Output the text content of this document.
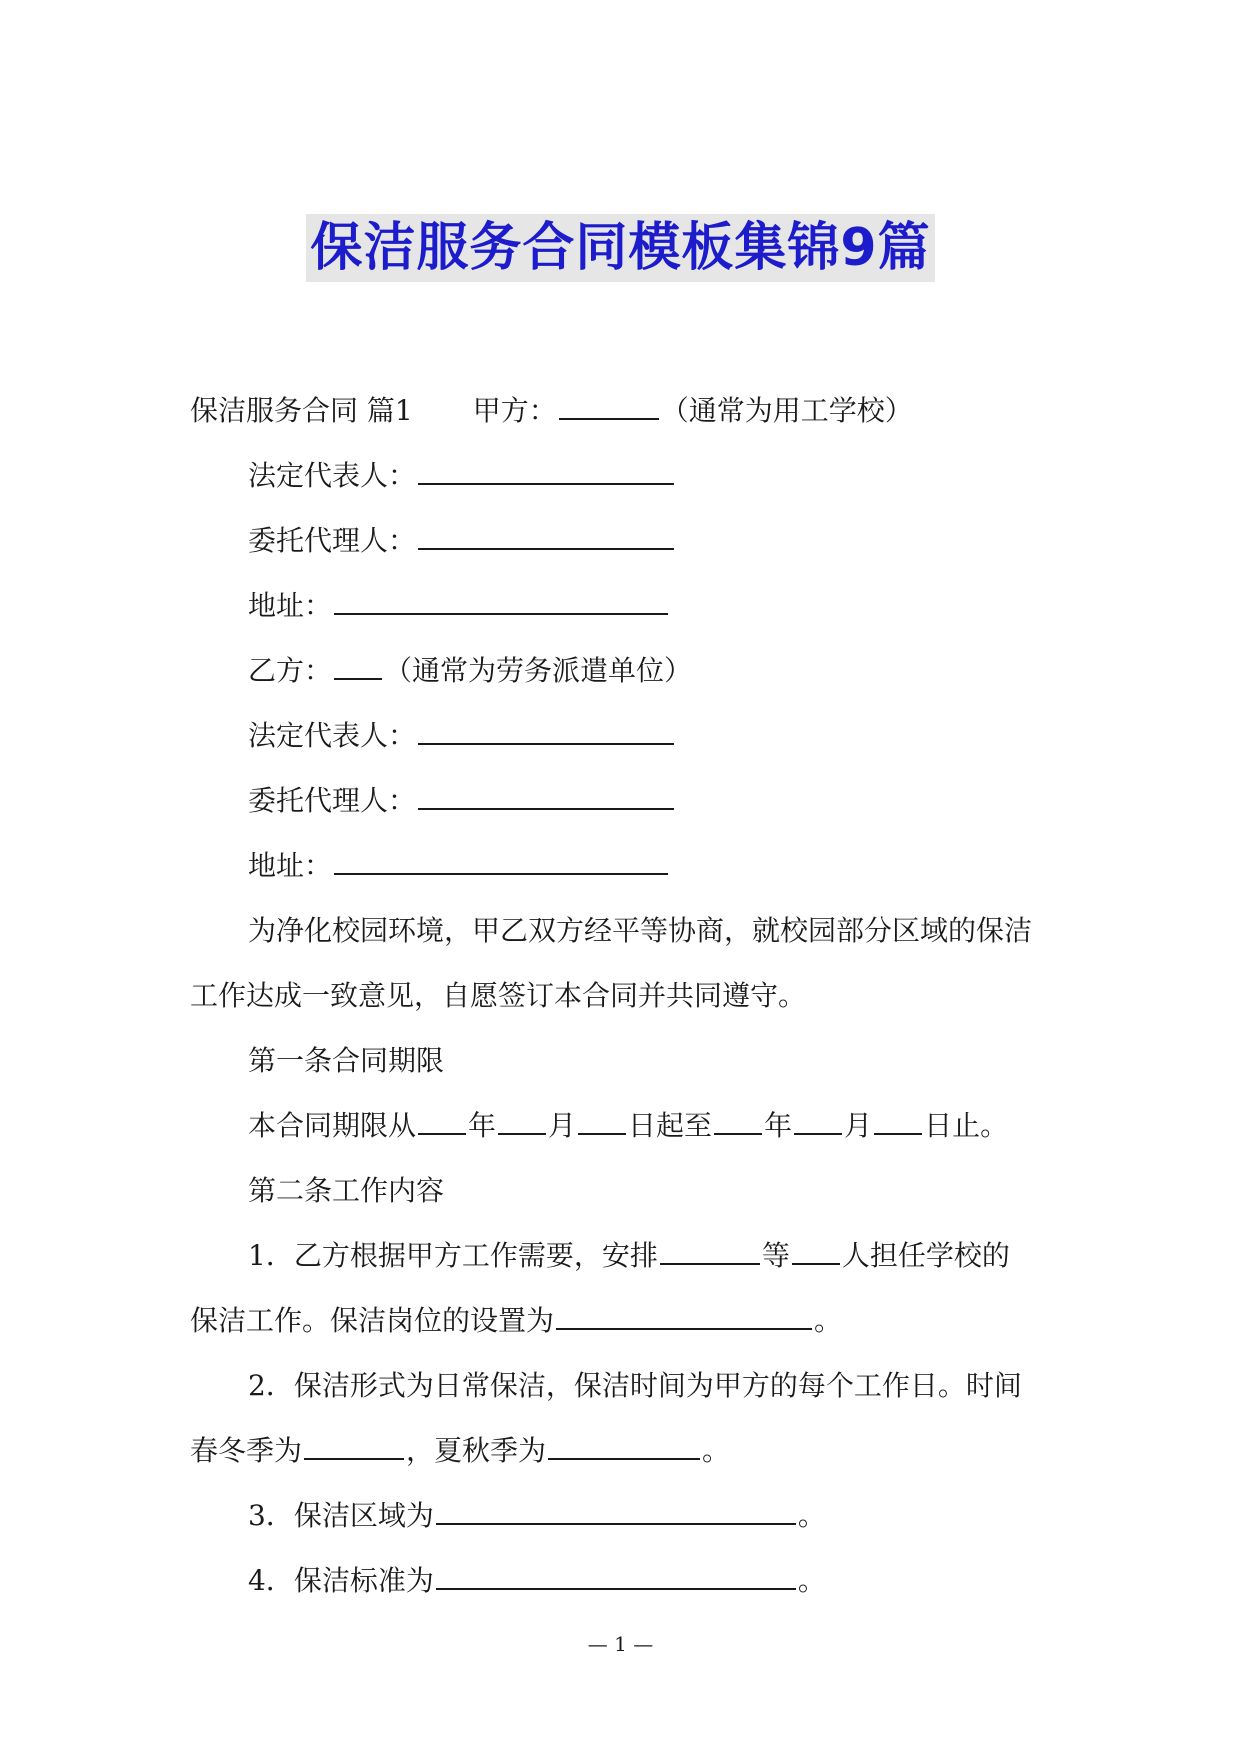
保洁服务合同模板集锦9篇
保洁服务合同 篇1 甲方：	（通常为用工学校）
法定代表人：
委托代理人：
地址：
乙方： （通常为劳务派遣单位）
法定代表人：
委托代理人：
地址：
为净化校园环境，甲乙双方经平等协商，就校园部分区域的保洁
工作达成一致意见，自愿签订本合同并共同遵守。
第一条合同期限
本合同期限从 年 月 日起至 年 月 日止。
第二条工作内容
1．乙方根据甲方工作需要，安排	等 人担任学校的
保洁工作。保洁岗位的设置为	。
2．保洁形式为日常保洁，保洁时间为甲方的每个工作日。时间
春冬季为	，夏秋季为	。
3．保洁区域为	。
4．保洁标准为	。
— 1 —
